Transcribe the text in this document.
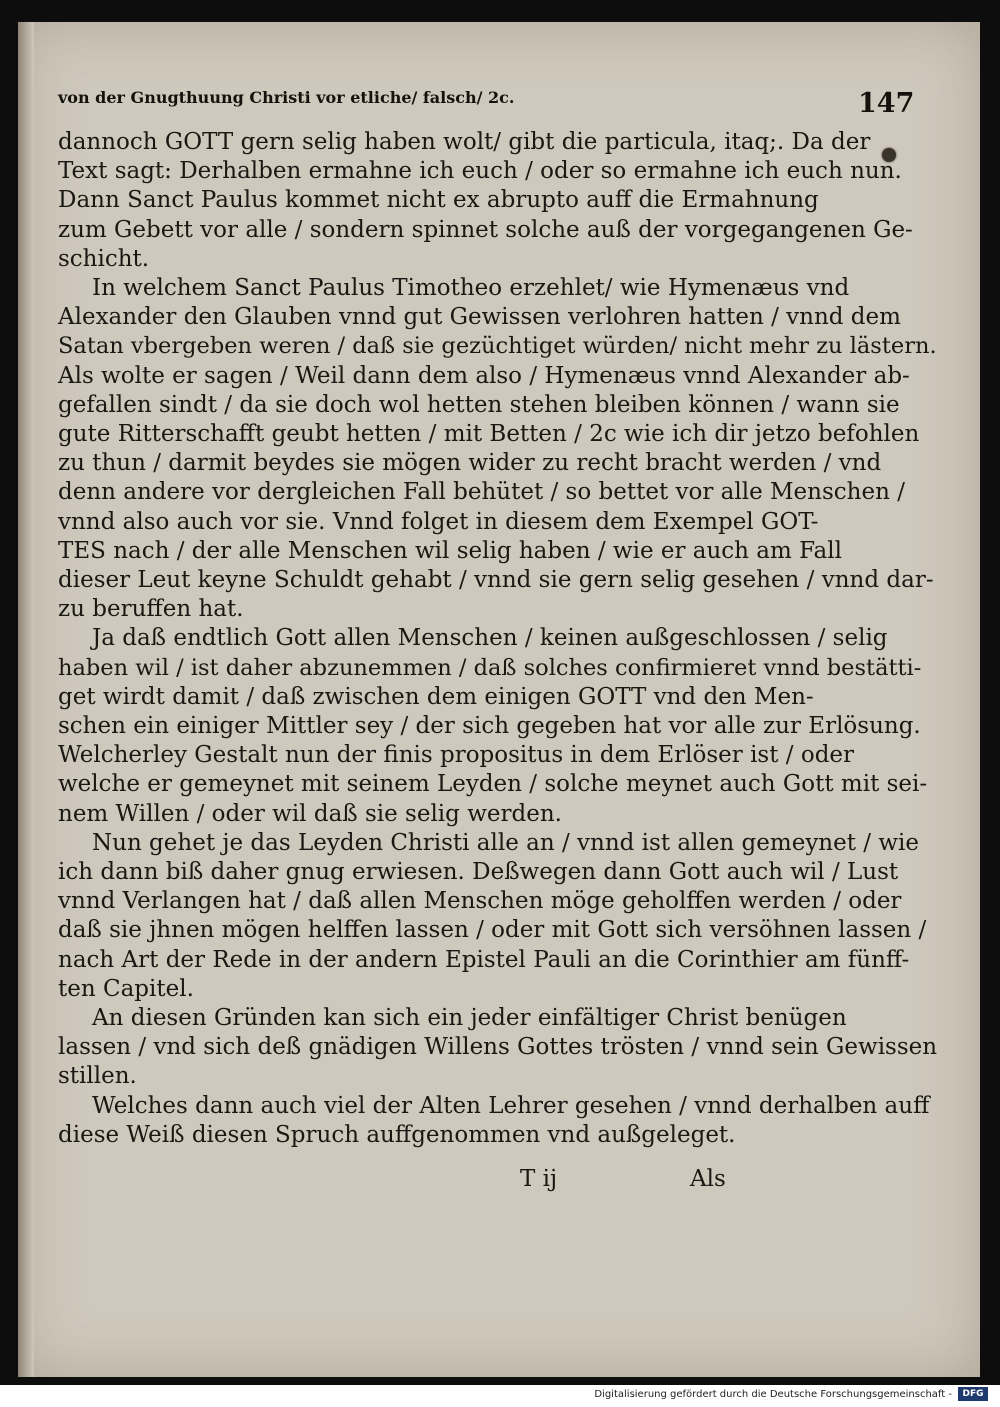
von der Gnugthuung Christi vor etliche/ falsch/ 2c.	147
dannoch GOTT gern selig haben wolt/ gibt die particula, itaq;. Da der
Text sagt: Derhalben ermahne ich euch / oder so ermahne ich euch nun.
Dann Sanct Paulus kommet nicht ex abrupto auff die Ermahnung
zum Gebett vor alle / sondern spinnet solche auß der vorgegangenen Ge-
schicht.
In welchem Sanct Paulus Timotheo erzehlet/ wie Hymenæus vnd
Alexander den Glauben vnnd gut Gewissen verlohren hatten / vnnd dem
Satan vbergeben weren / daß sie gezüchtiget würden/ nicht mehr zu lästern.
Als wolte er sagen / Weil dann dem also / Hymenæus vnnd Alexander ab-
gefallen sindt / da sie doch wol hetten stehen bleiben können / wann sie
gute Ritterschafft geubt hetten / mit Betten / 2c wie ich dir jetzo befohlen
zu thun / darmit beydes sie mögen wider zu recht bracht werden / vnd
denn andere vor dergleichen Fall behütet / so bettet vor alle Menschen /
vnnd also auch vor sie. Vnnd folget in diesem dem Exempel GOT-
TES nach / der alle Menschen wil selig haben / wie er auch am Fall
dieser Leut keyne Schuldt gehabt / vnnd sie gern selig gesehen / vnnd dar-
zu beruffen hat.
Ja daß endtlich Gott allen Menschen / keinen außgeschlossen / selig
haben wil / ist daher abzunemmen / daß solches confirmieret vnnd bestätti-
get wirdt damit / daß zwischen dem einigen GOTT vnd den Men-
schen ein einiger Mittler sey / der sich gegeben hat vor alle zur Erlösung.
Welcherley Gestalt nun der finis propositus in dem Erlöser ist / oder
welche er gemeynet mit seinem Leyden / solche meynet auch Gott mit sei-
nem Willen / oder wil daß sie selig werden.
Nun gehet je das Leyden Christi alle an / vnnd ist allen gemeynet / wie
ich dann biß daher gnug erwiesen. Deßwegen dann Gott auch wil / Lust
vnnd Verlangen hat / daß allen Menschen möge geholffen werden / oder
daß sie jhnen mögen helffen lassen / oder mit Gott sich versöhnen lassen /
nach Art der Rede in der andern Epistel Pauli an die Corinthier am fünff-
ten Capitel.
An diesen Gründen kan sich ein jeder einfältiger Christ benügen
lassen / vnd sich deß gnädigen Willens Gottes trösten / vnnd sein Gewissen
stillen.
Welches dann auch viel der Alten Lehrer gesehen / vnnd derhalben auff
diese Weiß diesen Spruch auffgenommen vnd außgeleget.
T ij	Als
Digitalisierung gefördert durch die Deutsche Forschungsgemeinschaft -	DFG
